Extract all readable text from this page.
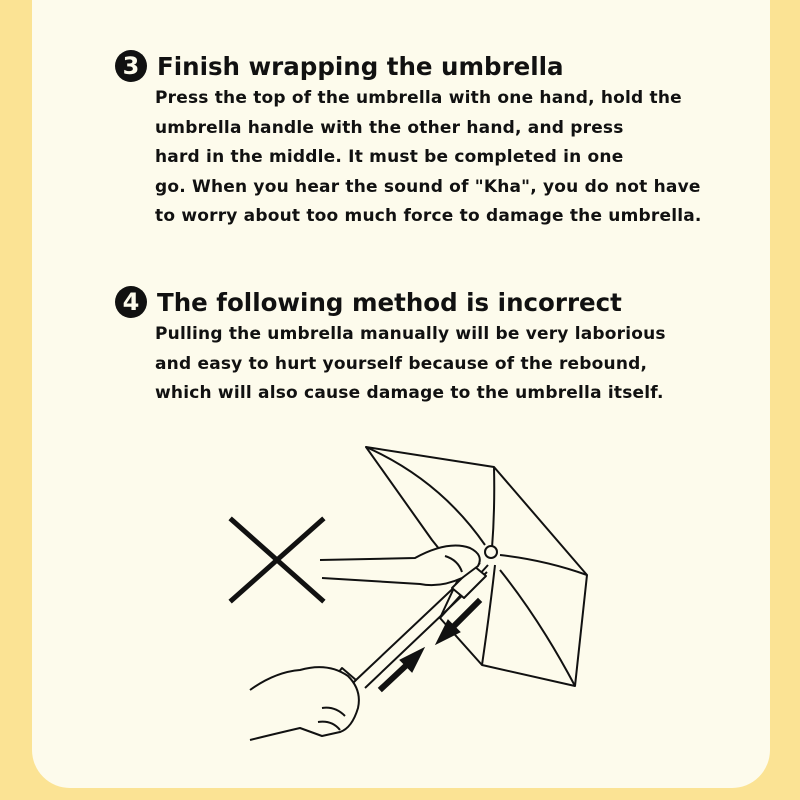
3 Finish wrapping the umbrella
Press the top of the umbrella with one hand, hold the
umbrella handle with the other hand, and press
hard in the middle. It must be completed in one
go. When you hear the sound of "Kha", you do not have
to worry about too much force to damage the umbrella.
4 The following method is incorrect
Pulling the umbrella manually will be very laborious
and easy to hurt yourself because of the rebound,
which will also cause damage to the umbrella itself.
